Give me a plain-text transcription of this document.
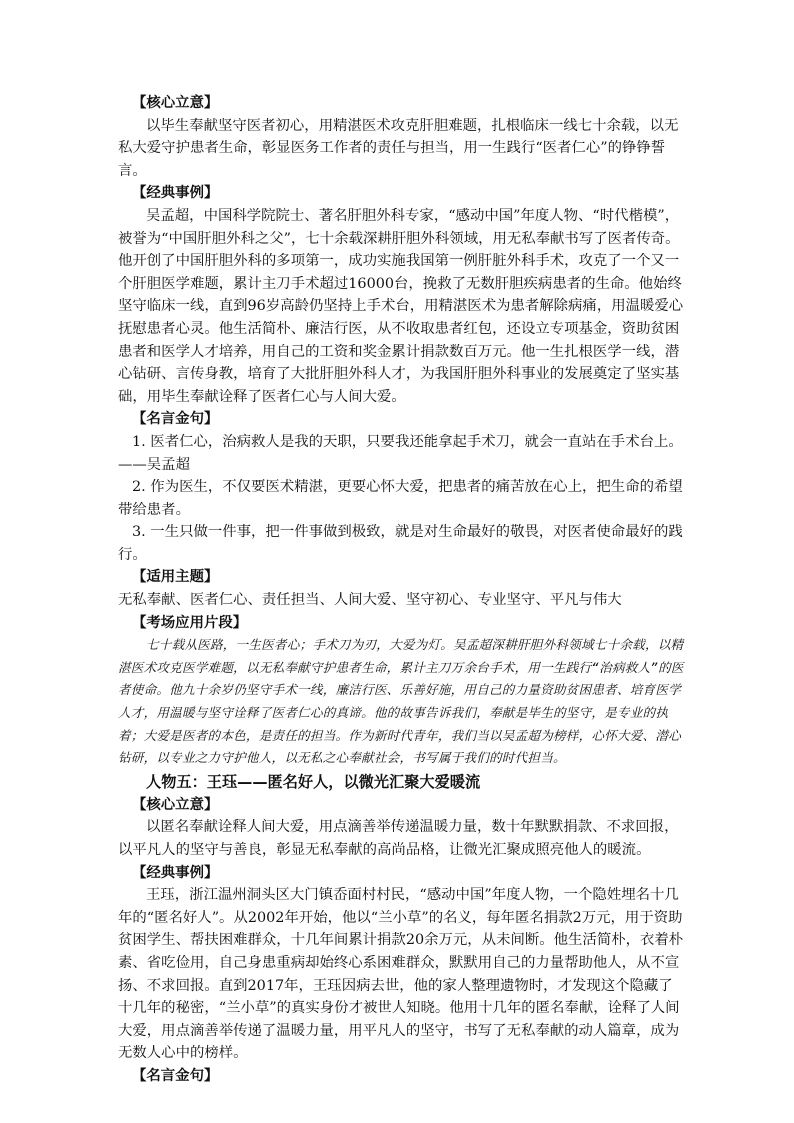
【核心立意】

以毕生奉献坚守医者初心，用精湛医术攻克肝胆难题，扎根临床一线七十余载，以无私大爱守护患者生命，彰显医务工作者的责任与担当，用一生践行“医者仁心”的铮铮誓言。

【经典事例】

吴孟超，中国科学院院士、著名肝胆外科专家，“感动中国”年度人物、“时代楷模”，被誉为“中国肝胆外科之父”，七十余载深耕肝胆外科领域，用无私奉献书写了医者传奇。他开创了中国肝胆外科的多项第一，成功实施我国第一例肝脏外科手术，攻克了一个又一个肝胆医学难题，累计主刀手术超过16000台，挽救了无数肝胆疾病患者的生命。他始终坚守临床一线，直到96岁高龄仍坚持上手术台，用精湛医术为患者解除病痛，用温暖爱心抚慰患者心灵。他生活简朴、廉洁行医，从不收取患者红包，还设立专项基金，资助贫困患者和医学人才培养，用自己的工资和奖金累计捐款数百万元。他一生扎根医学一线，潜心钻研、言传身教，培育了大批肝胆外科人才，为我国肝胆外科事业的发展奠定了坚实基础，用毕生奉献诠释了医者仁心与人间大爱。

【名言金句】

1. 医者仁心，治病救人是我的天职，只要我还能拿起手术刀，就会一直站在手术台上。——吴孟超

2. 作为医生，不仅要医术精湛，更要心怀大爱，把患者的痛苦放在心上，把生命的希望带给患者。

3. 一生只做一件事，把一件事做到极致，就是对生命最好的敬畏，对医者使命最好的践行。

【适用主题】

无私奉献、医者仁心、责任担当、人间大爱、坚守初心、专业坚守、平凡与伟大

【考场应用片段】

七十载从医路，一生医者心；手术刀为刃，大爱为灯。吴孟超深耕肝胆外科领域七十余载，以精湛医术攻克医学难题，以无私奉献守护患者生命，累计主刀万余台手术，用一生践行“治病救人”的医者使命。他九十余岁仍坚守手术一线，廉洁行医、乐善好施，用自己的力量资助贫困患者、培育医学人才，用温暖与坚守诠释了医者仁心的真谛。他的故事告诉我们，奉献是毕生的坚守，是专业的执着；大爱是医者的本色，是责任的担当。作为新时代青年，我们当以吴孟超为榜样，心怀大爱、潜心钻研，以专业之力守护他人，以无私之心奉献社会，书写属于我们的时代担当。

人物五：王珏——匿名好人，以微光汇聚大爱暖流

【核心立意】

以匿名奉献诠释人间大爱，用点滴善举传递温暖力量，数十年默默捐款、不求回报，以平凡人的坚守与善良，彰显无私奉献的高尚品格，让微光汇聚成照亮他人的暖流。

【经典事例】

王珏，浙江温州洞头区大门镇岙面村村民，“感动中国”年度人物，一个隐姓埋名十几年的“匿名好人”。从2002年开始，他以“兰小草”的名义，每年匿名捐款2万元，用于资助贫困学生、帮扶困难群众，十几年间累计捐款20余万元，从未间断。他生活简朴，衣着朴素、省吃俭用，自己身患重病却始终心系困难群众，默默用自己的力量帮助他人，从不宣扬、不求回报。直到2017年，王珏因病去世，他的家人整理遗物时，才发现这个隐藏了十几年的秘密，“兰小草”的真实身份才被世人知晓。他用十几年的匿名奉献，诠释了人间大爱，用点滴善举传递了温暖力量，用平凡人的坚守，书写了无私奉献的动人篇章，成为无数人心中的榜样。

【名言金句】
